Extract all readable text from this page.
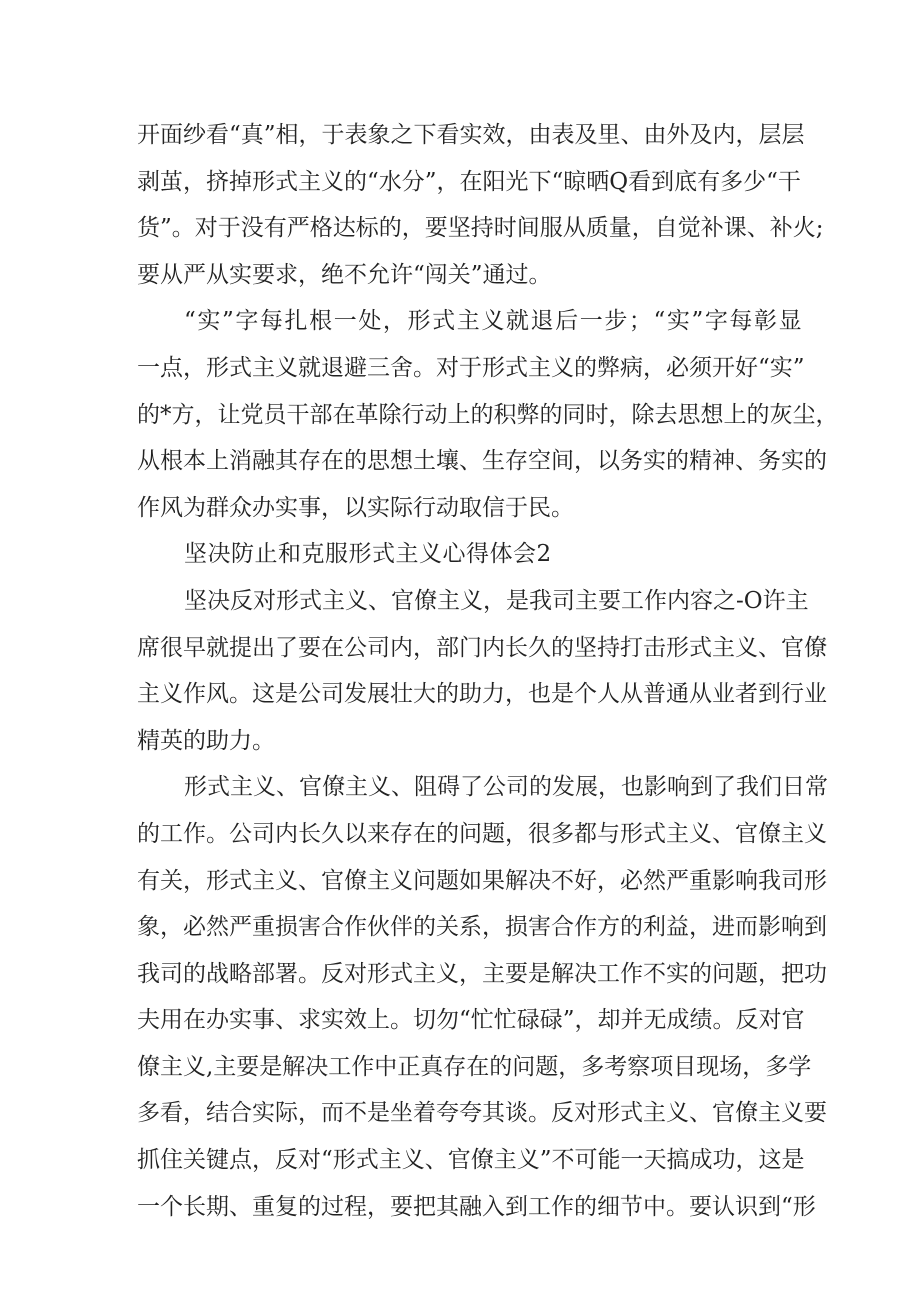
开面纱看“真”相，于表象之下看实效，由表及里、由外及内，层层
剥茧，挤掉形式主义的“水分”，在阳光下“晾晒Q看到底有多少“干
货”。对于没有严格达标的，要坚持时间服从质量，自觉补课、补火;
要从严从实要求，绝不允许“闯关”通过。
“实”字每扎根一处，形式主义就退后一步；“实”字每彰显
一点，形式主义就退避三舍。对于形式主义的弊病，必须开好“实”
的*方，让党员干部在革除行动上的积弊的同时，除去思想上的灰尘，
从根本上消融其存在的思想土壤、生存空间，以务实的精神、务实的
作风为群众办实事，以实际行动取信于民。
坚决防止和克服形式主义心得体会2
坚决反对形式主义、官僚主义，是我司主要工作内容之-O许主
席很早就提出了要在公司内，部门内长久的坚持打击形式主义、官僚
主义作风。这是公司发展壮大的助力，也是个人从普通从业者到行业
精英的助力。
形式主义、官僚主义、阻碍了公司的发展，也影响到了我们日常
的工作。公司内长久以来存在的问题，很多都与形式主义、官僚主义
有关，形式主义、官僚主义问题如果解决不好，必然严重影响我司形
象，必然严重损害合作伙伴的关系，损害合作方的利益，进而影响到
我司的战略部署。反对形式主义，主要是解决工作不实的问题，把功
夫用在办实事、求实效上。切勿“忙忙碌碌”，却并无成绩。反对官
僚主义,主要是解决工作中正真存在的问题，多考察项目现场，多学
多看，结合实际，而不是坐着夸夸其谈。反对形式主义、官僚主义要
抓住关键点，反对“形式主义、官僚主义”不可能一天搞成功，这是
一个长期、重复的过程，要把其融入到工作的细节中。要认识到“形
